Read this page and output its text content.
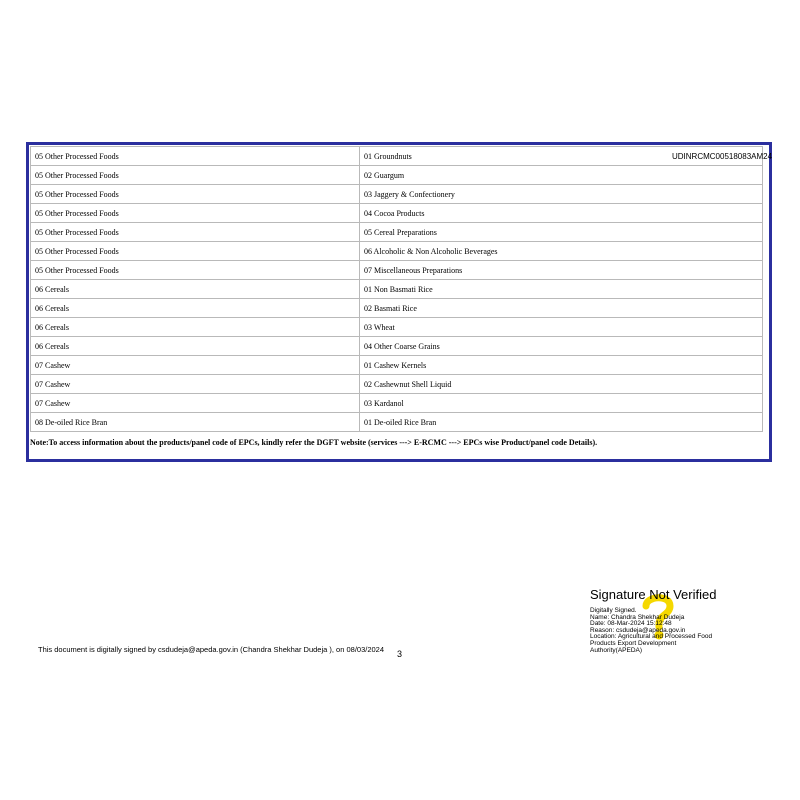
05 Other Processed Foods	01 Groundnuts
05 Other Processed Foods	02 Guargum
05 Other Processed Foods	03 Jaggery & Confectionery
05 Other Processed Foods	04 Cocoa Products
05 Other Processed Foods	05 Cereal Preparations
05 Other Processed Foods	06 Alcoholic & Non Alcoholic Beverages
05 Other Processed Foods	07 Miscellaneous Preparations
06 Cereals	01 Non Basmati Rice
06 Cereals	02 Basmati Rice
06 Cereals	03 Wheat
06 Cereals	04 Other Coarse Grains
07 Cashew	01 Cashew Kernels
07 Cashew	02 Cashewnut Shell Liquid
07 Cashew	03 Kardanol
08 De-oiled Rice Bran	01 De-oiled Rice Bran
UDINRCMC00518083AM24
Note:To access information about the products/panel code of EPCs, kindly refer the DGFT website (services ---> E-RCMC ---> EPCs wise Product/panel code Details).
This document is digitally signed by csdudeja@apeda.gov.in (Chandra Shekhar Dudeja ), on 08/03/2024 3
Signature Not Verified
Digitally Signed.
Name: Chandra Shekhar Dudeja
Date: 08-Mar-2024 15:12:48
Reason: csdudeja@apeda.gov.in
Location: Agricultural and Processed Food
Products Export Development
Authority(APEDA)
